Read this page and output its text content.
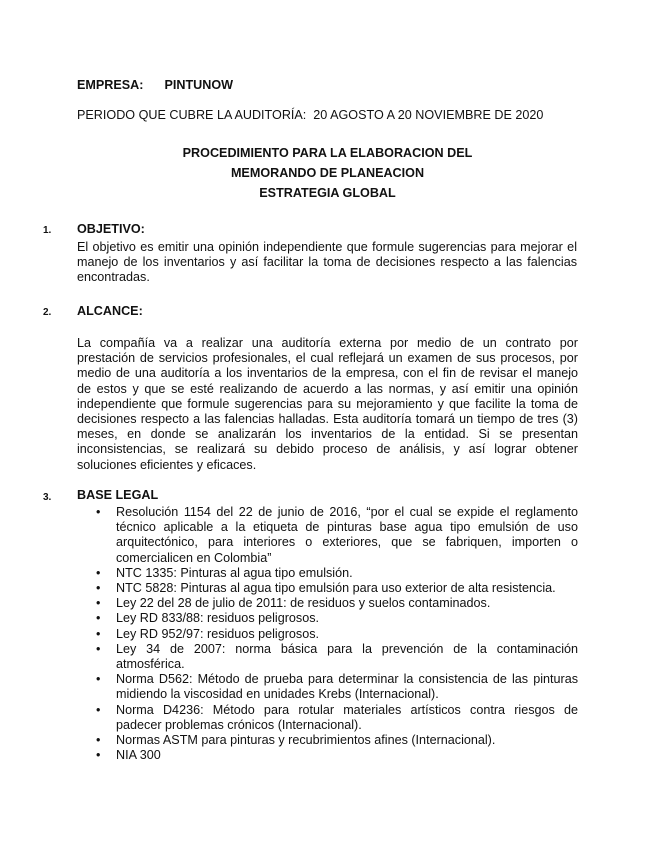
EMPRESA: PINTUNOW
PERIODO QUE CUBRE LA AUDITORÍA:  20 AGOSTO A 20 NOVIEMBRE DE 2020
PROCEDIMIENTO PARA LA ELABORACION DEL
MEMORANDO DE PLANEACION
ESTRATEGIA GLOBAL
1. OBJETIVO:
El objetivo es emitir una opinión independiente que formule sugerencias para mejorar el
manejo de los inventarios y así facilitar la toma de decisiones respecto a las falencias
encontradas.
2. ALCANCE:
La compañía va a realizar una auditoría externa por medio de un contrato por
prestación de servicios profesionales, el cual reflejará un examen de sus procesos, por
medio de una auditoría a los inventarios de la empresa, con el fin de revisar el manejo
de estos y que se esté realizando de acuerdo a las normas, y así emitir una opinión
independiente que formule sugerencias para su mejoramiento y que facilite la toma de
decisiones respecto a las falencias halladas. Esta auditoría tomará un tiempo de tres (3)
meses, en donde se analizarán los inventarios de la entidad. Si se presentan
inconsistencias, se realizará su debido proceso de análisis, y así lograr obtener
soluciones eficientes y eficaces.
3. BASE LEGAL
•	Resolución 1154 del 22 de junio de 2016, “por el cual se expide el reglamento
técnico aplicable a la etiqueta de pinturas base agua tipo emulsión de uso
arquitectónico, para interiores o exteriores, que se fabriquen, importen o
comercialicen en Colombia”
•	NTC 1335: Pinturas al agua tipo emulsión.
•	NTC 5828: Pinturas al agua tipo emulsión para uso exterior de alta resistencia.
•	Ley 22 del 28 de julio de 2011: de residuos y suelos contaminados.
•	Ley RD 833/88: residuos peligrosos.
•	Ley RD 952/97: residuos peligrosos.
•	Ley 34 de 2007: norma básica para la prevención de la contaminación
atmosférica.
•	Norma D562: Método de prueba para determinar la consistencia de las pinturas
midiendo la viscosidad en unidades Krebs (Internacional).
•	Norma D4236: Método para rotular materiales artísticos contra riesgos de
padecer problemas crónicos (Internacional).
•	Normas ASTM para pinturas y recubrimientos afines (Internacional).
•	NIA 300
